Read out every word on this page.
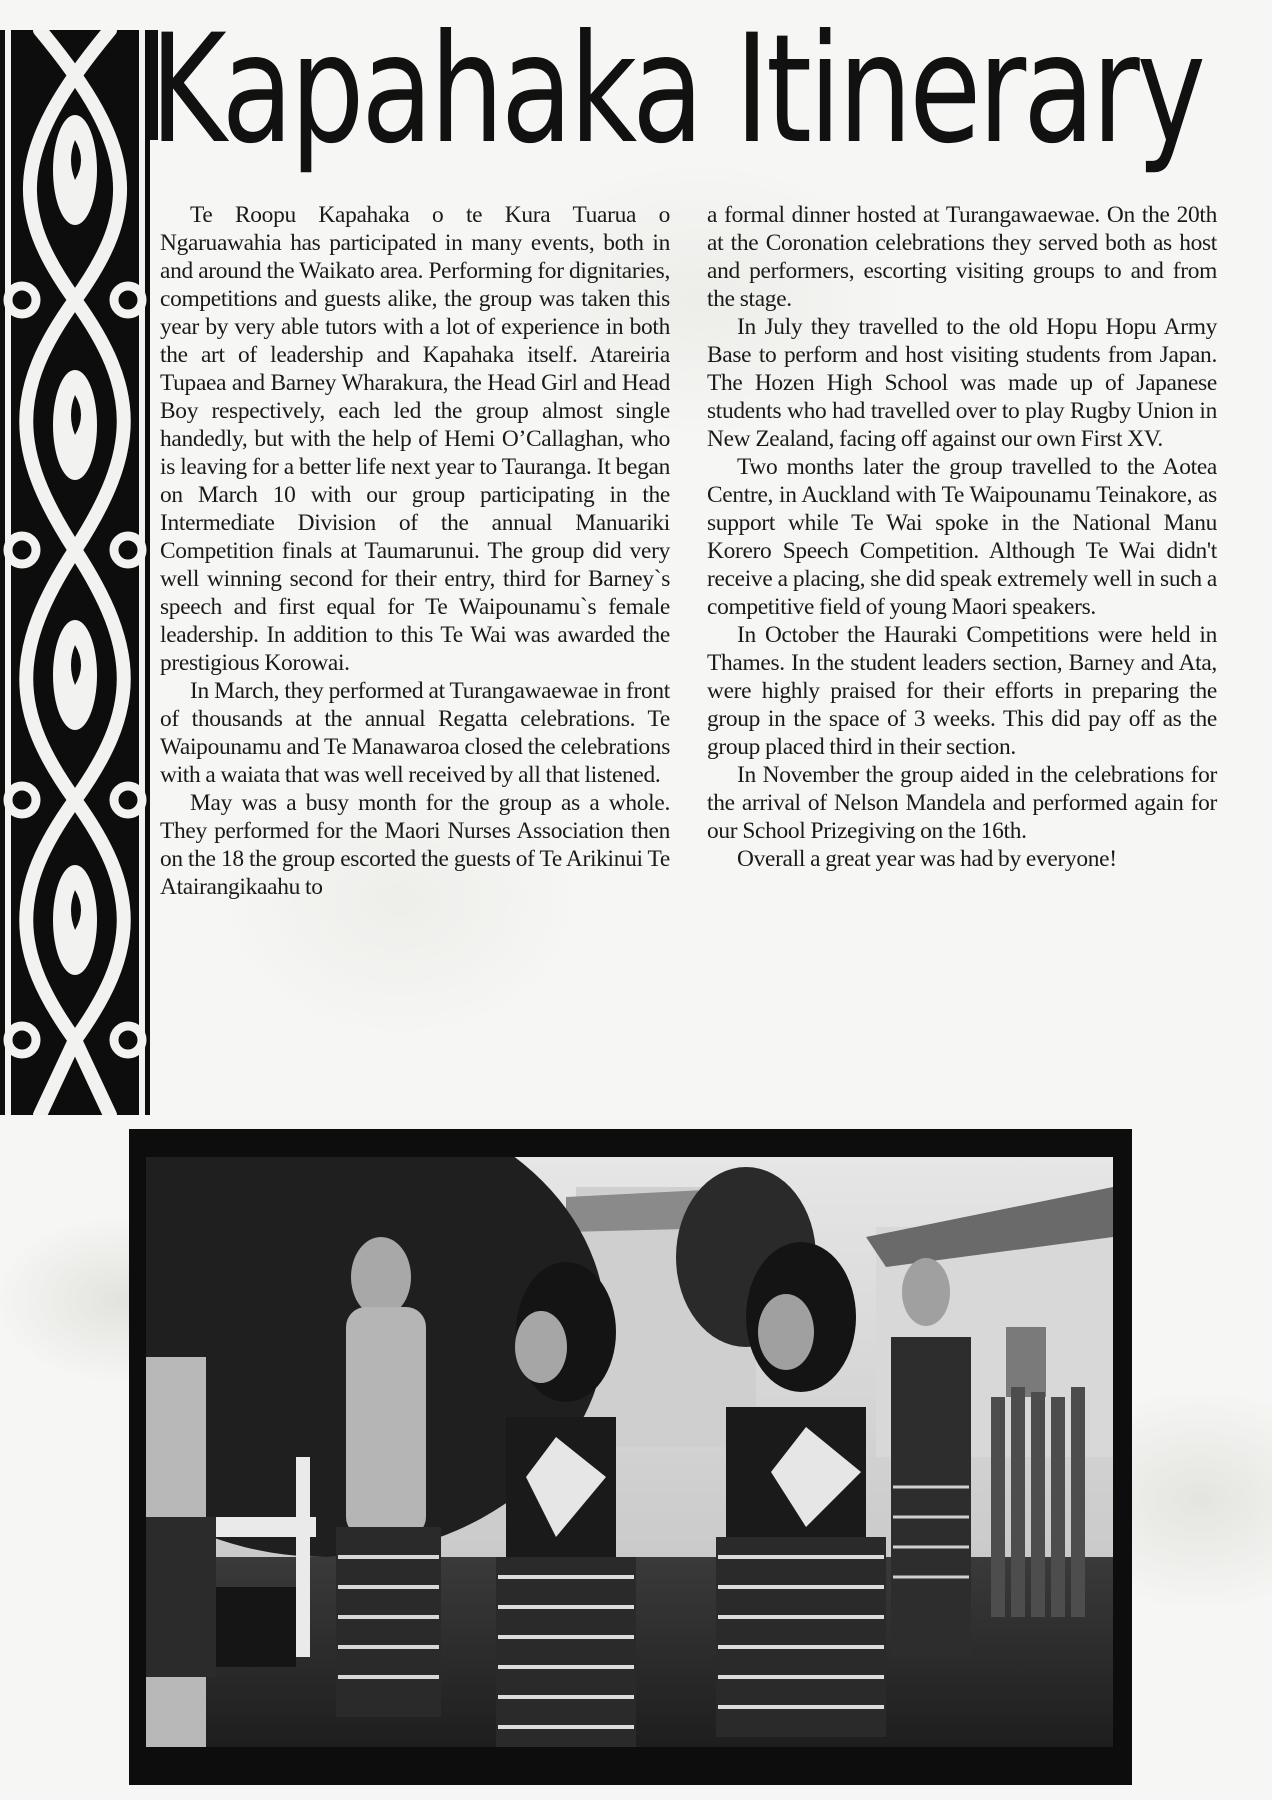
Kapahaka Itinerary

Te Roopu Kapahaka o te Kura Tuarua o Ngaruawahia has participated in many events, both in and around the Waikato area. Performing for dignitaries, competitions and guests alike, the group was taken this year by very able tutors with a lot of experience in both the art of leadership and Kapahaka itself. Atareiria Tupaea and Barney Wharakura, the Head Girl and Head Boy respectively, each led the group almost single handedly, but with the help of Hemi O’Callaghan, who is leaving for a better life next year to Tauranga. It began on March 10 with our group participating in the Intermediate Division of the annual Manuariki Competition finals at Taumarunui. The group did very well winning second for their entry, third for Barney`s speech and first equal for Te Waipounamu`s female leadership. In addition to this Te Wai was awarded the prestigious Korowai.

In March, they performed at Turangawaewae in front of thousands at the annual Regatta celebrations. Te Waipounamu and Te Manawaroa closed the celebrations with a waiata that was well received by all that listened.

May was a busy month for the group as a whole. They performed for the Maori Nurses Association then on the 18 the group escorted the guests of Te Arikinui Te Atairangikaahu to

a formal dinner hosted at Turangawaewae. On the 20th at the Coronation celebrations they served both as host and performers, escorting visiting groups to and from the stage.

In July they travelled to the old Hopu Hopu Army Base to perform and host visiting students from Japan. The Hozen High School was made up of Japanese students who had travelled over to play Rugby Union in New Zealand, facing off against our own First XV.

Two months later the group travelled to the Aotea Centre, in Auckland with Te Waipounamu Teinakore, as support while Te Wai spoke in the National Manu Korero Speech Competition. Although Te Wai didn't receive a placing, she did speak extremely well in such a competitive field of young Maori speakers.

In October the Hauraki Competitions were held in Thames. In the student leaders section, Barney and Ata, were highly praised for their efforts in preparing the group in the space of 3 weeks. This did pay off as the group placed third in their section.

In November the group aided in the celebrations for the arrival of Nelson Mandela and performed again for our School Prizegiving on the 16th.

Overall a great year was had by everyone!
